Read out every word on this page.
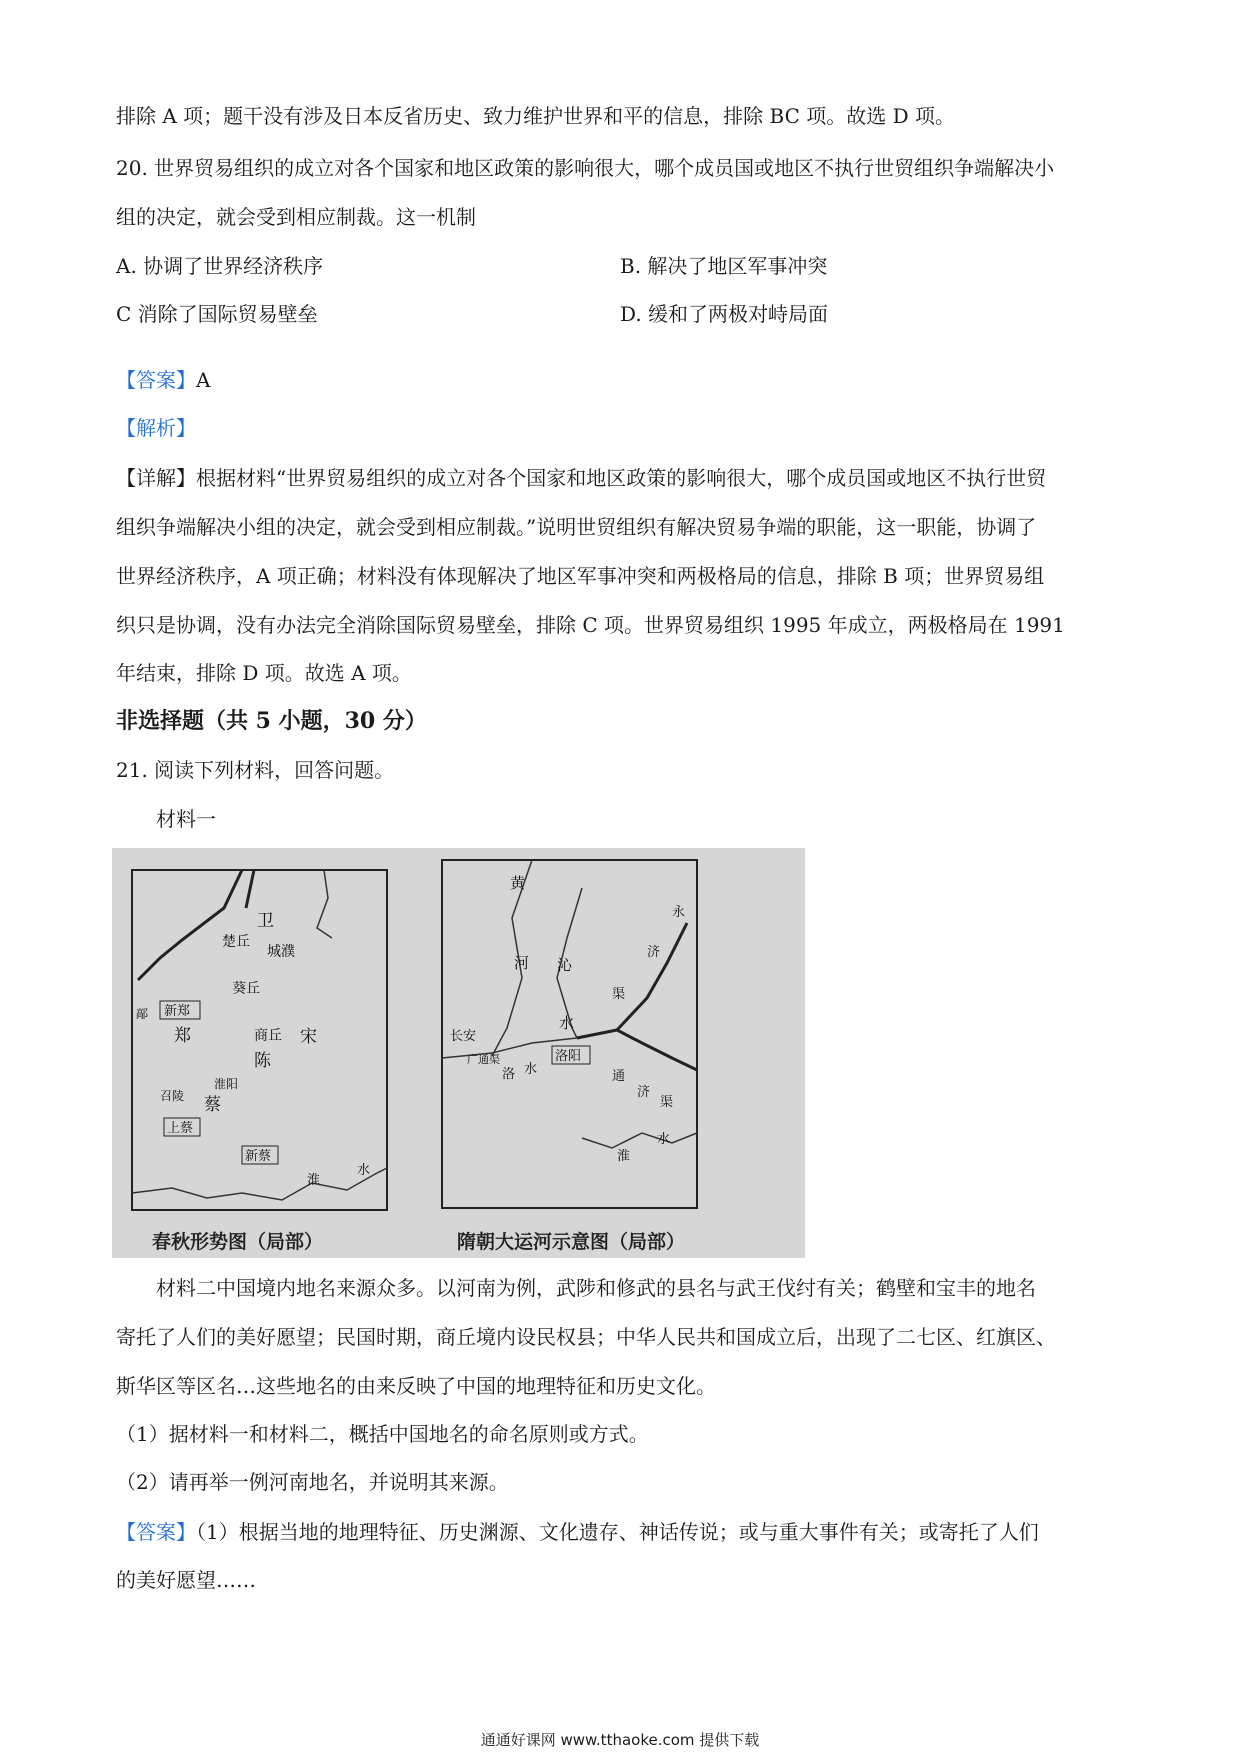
排除 A 项；题干没有涉及日本反省历史、致力维护世界和平的信息，排除 BC 项。故选 D 项。
20. 世界贸易组织的成立对各个国家和地区政策的影响很大，哪个成员国或地区不执行世贸组织争端解决小
组的决定，就会受到相应制裁。这一机制
A. 协调了世界经济秩序	B. 解决了地区军事冲突
C 消除了国际贸易壁垒	D. 缓和了两极对峙局面
【答案】A
【解析】
【详解】根据材料“世界贸易组织的成立对各个国家和地区政策的影响很大，哪个成员国或地区不执行世贸
组织争端解决小组的决定，就会受到相应制裁。”说明世贸组织有解决贸易争端的职能，这一职能，协调了
世界经济秩序，A 项正确；材料没有体现解决了地区军事冲突和两极格局的信息，排除 B 项；世界贸易组
织只是协调，没有办法完全消除国际贸易壁垒，排除 C 项。世界贸易组织 1995 年成立，两极格局在 1991
年结束，排除 D 项。故选 A 项。
非选择题（共 5 小题，30 分）
21. 阅读下列材料，回答问题。
材料一
卫
楚丘
城濮
葵丘
新郑
郑	商丘 宋
陈
召陵
淮阳
蔡
上蔡
新蔡
淮
水
鄗
春秋形势图（局部）
黄
河 沁
水
永
济
渠
长安
广通渠
洛 水
洛阳
通
济
渠
淮
水
隋朝大运河示意图（局部）
材料二中国境内地名来源众多。以河南为例，武陟和修武的县名与武王伐纣有关；鹤壁和宝丰的地名
寄托了人们的美好愿望；民国时期，商丘境内设民权县；中华人民共和国成立后，出现了二七区、红旗区、
斯华区等区名…这些地名的由来反映了中国的地理特征和历史文化。
（1）据材料一和材料二，概括中国地名的命名原则或方式。
（2）请再举一例河南地名，并说明其来源。
【答案】（1）根据当地的地理特征、历史渊源、文化遗存、神话传说；或与重大事件有关；或寄托了人们
的美好愿望……
通通好课网 www.tthaoke.com 提供下载
